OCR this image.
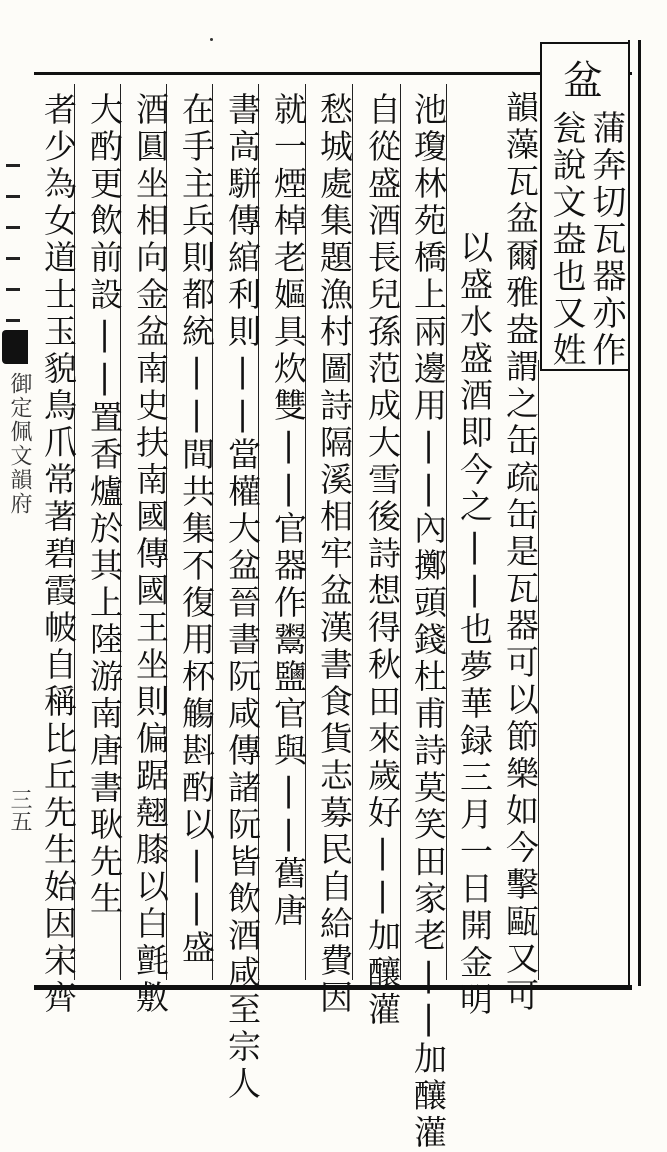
盆
蒲奔切瓦器亦作
瓮說文盎也又姓
韻藻瓦盆爾雅盎謂之缶疏缶是瓦器可以節樂如今擊甌又可
以盛水盛酒即今之||也夢華録三月一日開金明
池瓊林苑橋上兩邊用||內擲頭錢杜甫詩莫笑田家老||加釀灌
自從盛酒長兒孫范成大雪後詩想得秋田來歲好||加釀灌
愁城處集題漁村圖詩隔溪相牢盆漢書食貨志募民自給費因
就一煙棹老嫗具炊雙||官器作鬻鹽官與||舊唐
書高駢傳綰利則||當權大盆晉書阮咸傳諸阮皆飲酒咸至宗人
在手主兵則都統||間共集不復用杯觴斟酌以||盛
酒圓坐相向金盆南史扶南國傳國王坐則偏踞翹膝以白氈敷
大酌更飲前設||置香爐於其上陸游南唐書耿先生
者少為女道士玉貌鳥爪常著碧霞帔自稱比丘先生始因宋齊
御定佩文韻府
三五
